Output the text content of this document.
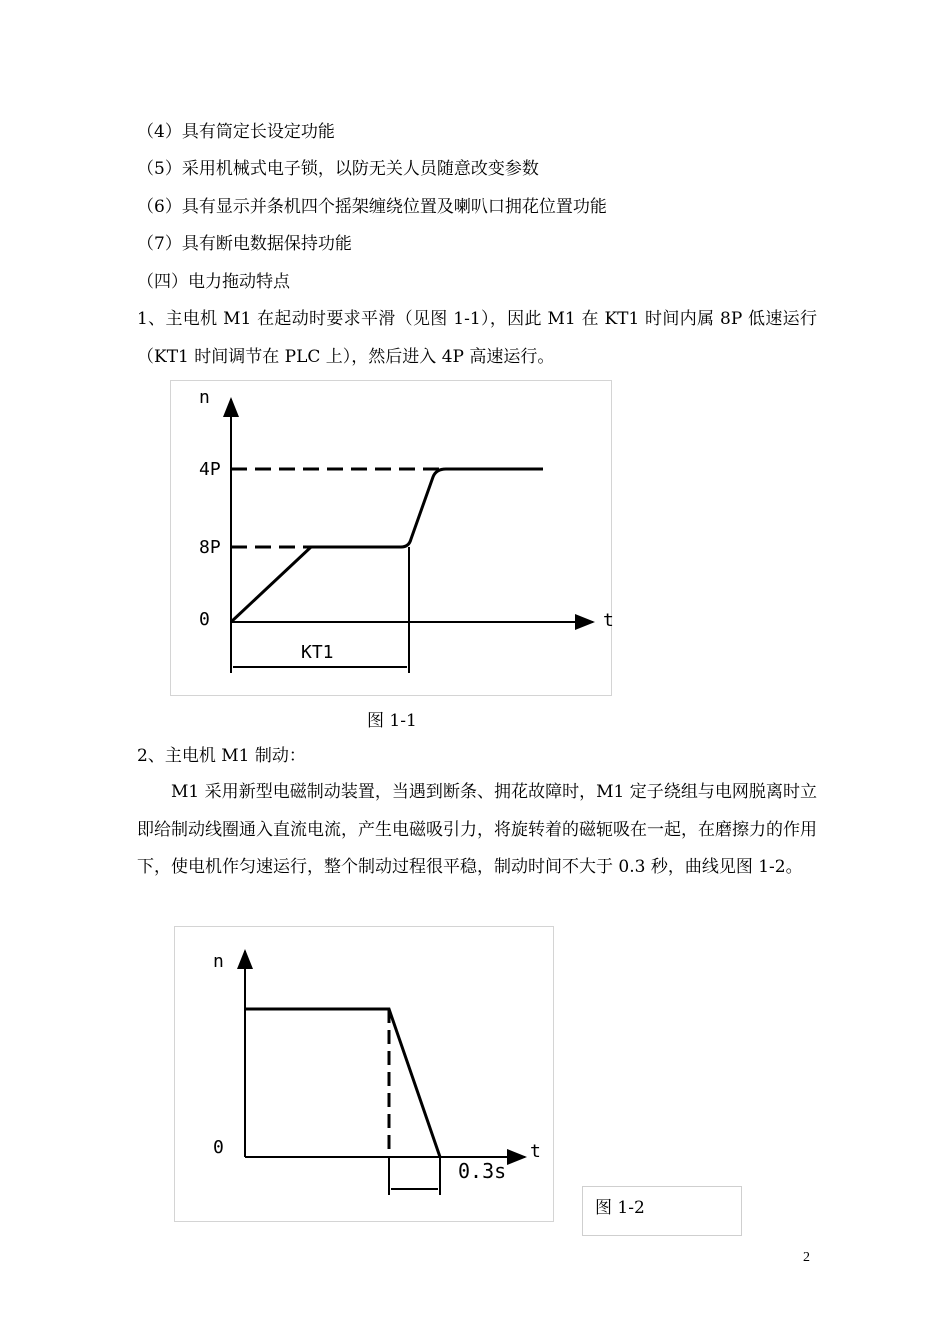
（4）具有筒定长设定功能
（5）采用机械式电子锁，以防无关人员随意改变参数
（6）具有显示并条机四个摇架缠绕位置及喇叭口拥花位置功能
（7）具有断电数据保持功能
（四）电力拖动特点
1、主电机 M1 在起动时要求平滑（见图 1-1），因此 M1 在 KT1 时间内属 8P 低速运行（KT1 时间调节在 PLC 上），然后进入 4P 高速运行。
n
t
4P
8P
0
KT1
图 1-1
2、主电机 M1 制动：
M1 采用新型电磁制动装置，当遇到断条、拥花故障时，M1 定子绕组与电网脱离时立即给制动线圈通入直流电流，产生电磁吸引力，将旋转着的磁轭吸在一起，在磨擦力的作用下，使电机作匀速运行，整个制动过程很平稳，制动时间不大于 0.3 秒，曲线见图 1-2。
n
t
0
0.3s
图 1-2
2
